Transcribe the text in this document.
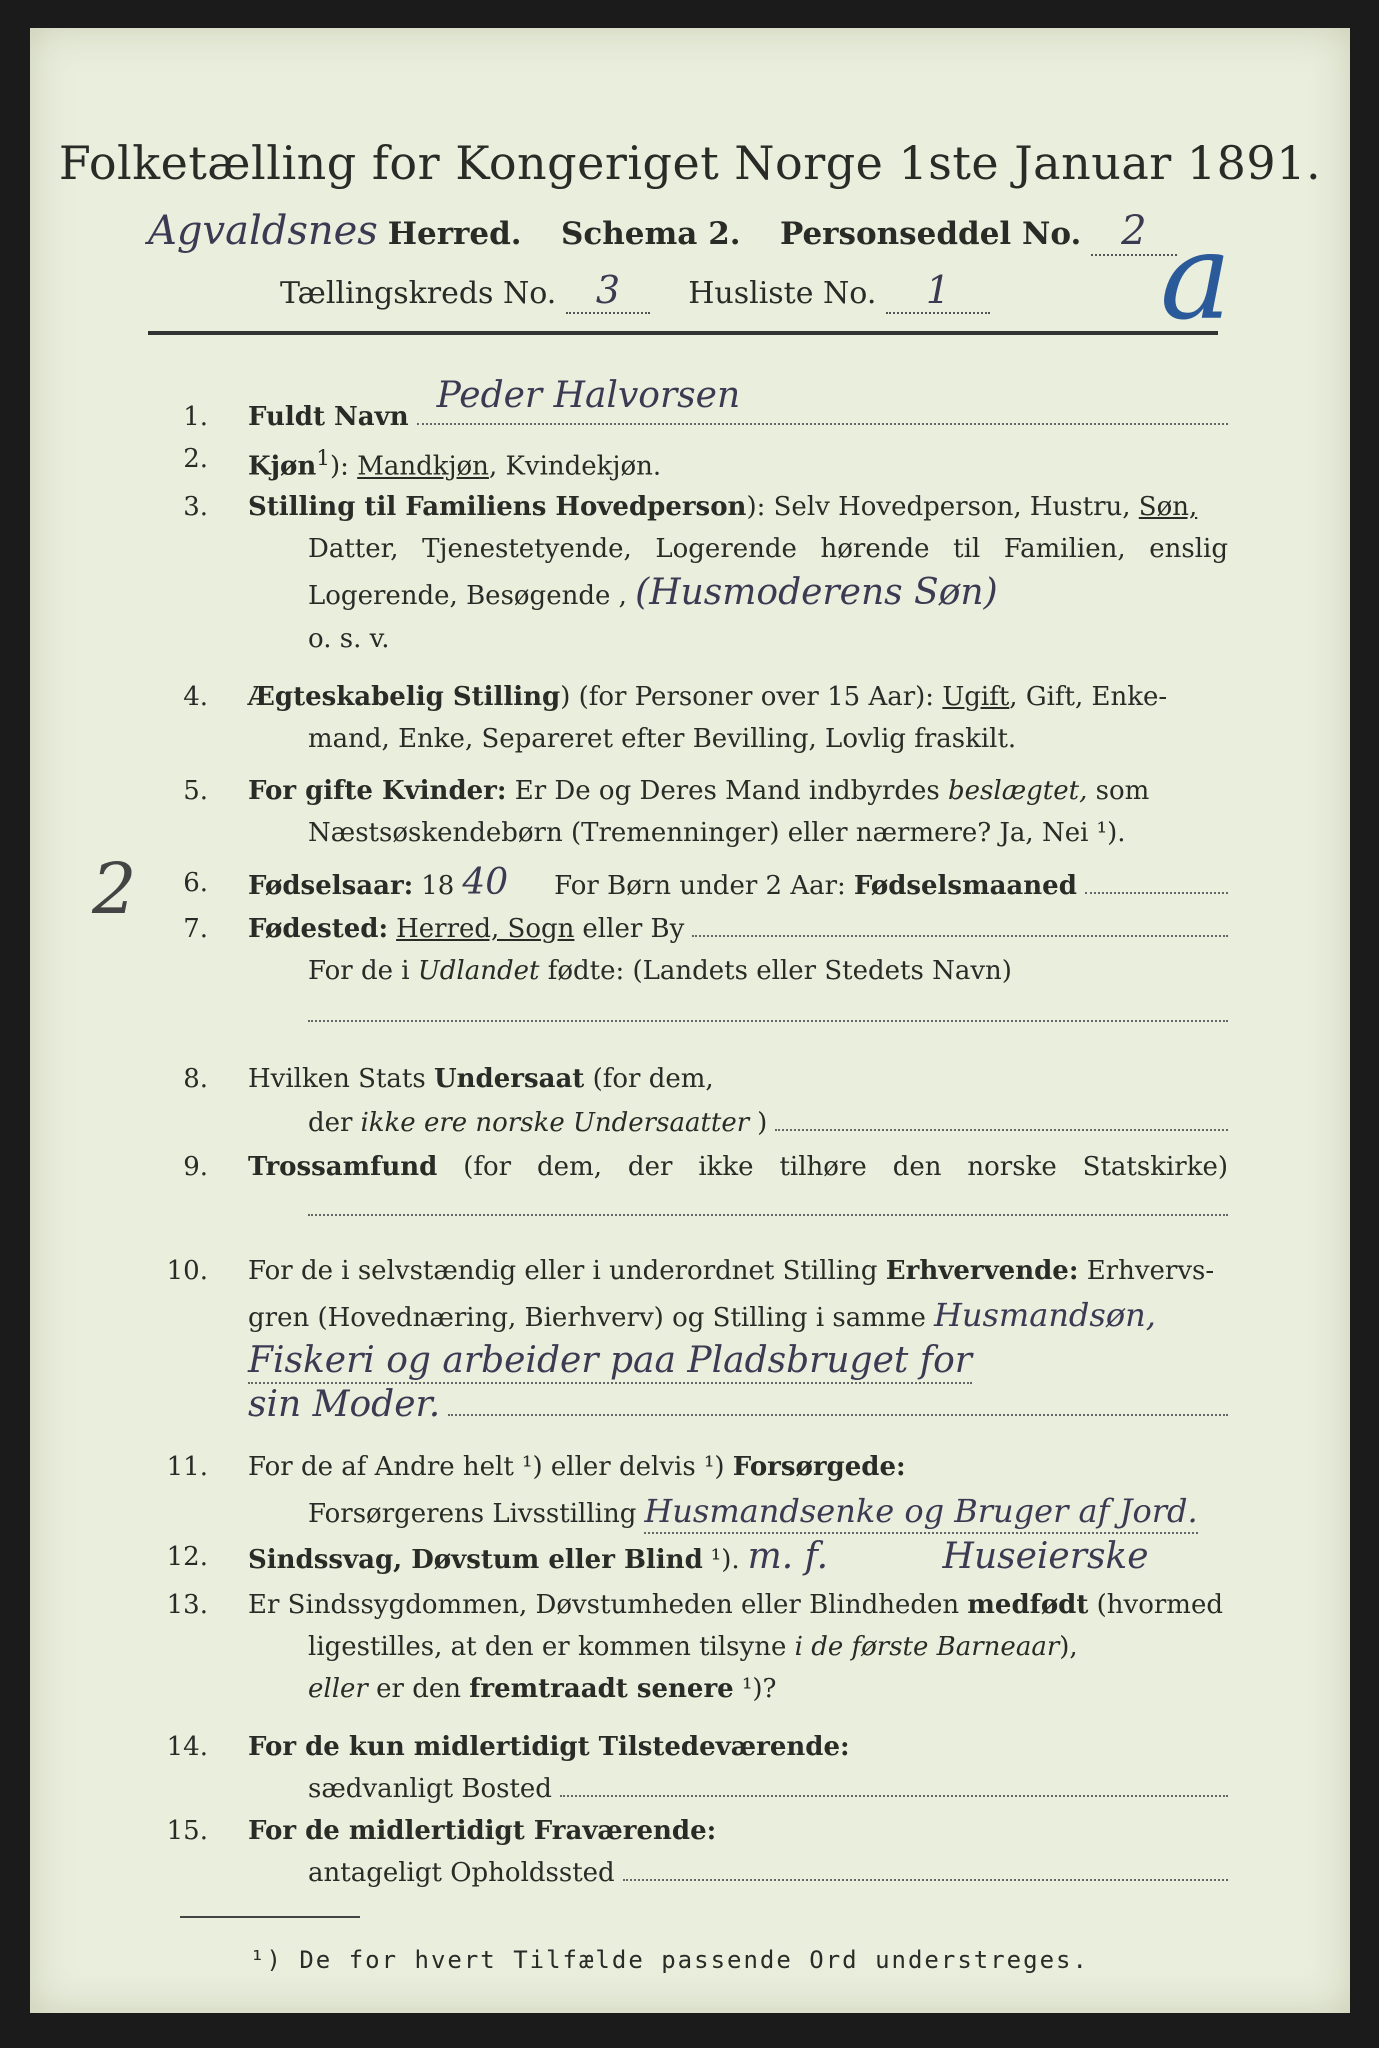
Folketælling for Kongeriget Norge 1ste Januar 1891.
Agvaldsnes Herred. Schema 2. Personseddel No. 2
Tællingskreds No. 3 Husliste No. 1	a
2
1. Fuldt Navn
Peder Halvorsen
2. Kjøn$^1$): Mandkjøn, Kvindekjøn.
3. Stilling til Familiens Hovedperson): Selv Hovedperson, Hustru, Søn,
Datter, Tjenestetyende, Logerende hørende til Familien, enslig
Logerende, Besøgende , (Husmoderens Søn)
o. s. v.
4. Ægteskabelig Stilling) (for Personer over 15 Aar): Ugift, Gift, Enke-
mand, Enke, Separeret efter Bevilling, Lovlig fraskilt.
5. For gifte Kvinder: Er De og Deres Mand indbyrdes beslægtet, som
Næstsøskendebørn (Tremenninger) eller nærmere? Ja, Nei ¹).
6. Fødselsaar: 18 40 For Børn under 2 Aar: Fødselsmaaned
7. Fødested: Herred, Sogn eller By
For de i Udlandet fødte: (Landets eller Stedets Navn)
8. Hvilken Stats Undersaat (for dem,
der ikke ere norske Undersaatter )
9. Trossamfund (for dem, der ikke tilhøre den norske Statskirke)
10. For de i selvstændig eller i underordnet Stilling Erhvervende: Erhvervs-
gren (Hovednæring, Bierhverv) og Stilling i samme Husmandsøn,
Fiskeri og arbeider paa Pladsbruget for
sin Moder.
11. For de af Andre helt ¹) eller delvis ¹) Forsørgede:
Forsørgerens Livsstilling Husmandsenke og Bruger af Jord.
12. Sindssvag, Døvstum eller Blind ¹). m. f.          Huseierske
13. Er Sindssygdommen, Døvstumheden eller Blindheden medfødt (hvormed
ligestilles, at den er kommen tilsyne i de første Barneaar),
eller er den fremtraadt senere ¹)?
14. For de kun midlertidigt Tilstedeværende:
sædvanligt Bosted
15. For de midlertidigt Fraværende:
antageligt Opholdssted
¹) De for hvert Tilfælde passende Ord understreges.
